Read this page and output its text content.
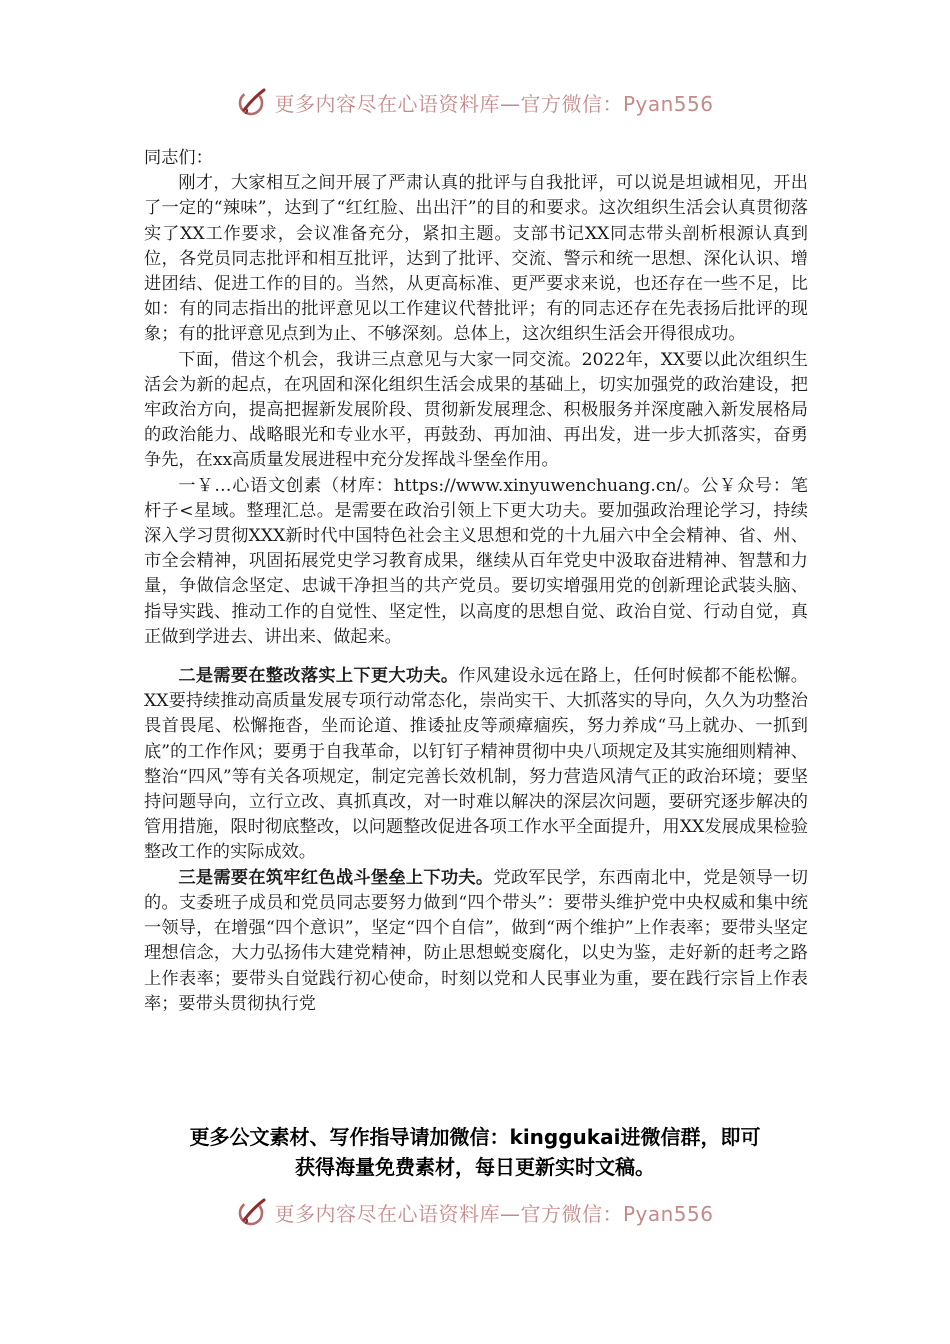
更多内容尽在心语资料库—官方微信：Pyan556

同志们：

刚才，大家相互之间开展了严肃认真的批评与自我批评，可以说是坦诚相见，开出了一定的“辣味”，达到了“红红脸、出出汗”的目的和要求。这次组织生活会认真贯彻落实了XX工作要求，会议准备充分，紧扣主题。支部书记XX同志带头剖析根源认真到位，各党员同志批评和相互批评，达到了批评、交流、警示和统一思想、深化认识、增进团结、促进工作的目的。当然，从更高标准、更严要求来说，也还存在一些不足，比如：有的同志指出的批评意见以工作建议代替批评；有的同志还存在先表扬后批评的现象；有的批评意见点到为止、不够深刻。总体上，这次组织生活会开得很成功。

下面，借这个机会，我讲三点意见与大家一同交流。2022年，XX要以此次组织生活会为新的起点，在巩固和深化组织生活会成果的基础上，切实加强党的政治建设，把牢政治方向，提高把握新发展阶段、贯彻新发展理念、积极服务并深度融入新发展格局的政治能力、战略眼光和专业水平，再鼓劲、再加油、再出发，进一步大抓落实，奋勇争先，在xx高质量发展进程中充分发挥战斗堡垒作用。

一￥…心语文创素（材库：https://www.xinyuwenchuang.cn/。公￥众号：笔杆子<星域。整理汇总。是需要在政治引领上下更大功夫。要加强政治理论学习，持续深入学习贯彻XXX新时代中国特色社会主义思想和党的十九届六中全会精神、省、州、市全会精神，巩固拓展党史学习教育成果，继续从百年党史中汲取奋进精神、智慧和力量，争做信念坚定、忠诚干净担当的共产党员。要切实增强用党的创新理论武装头脑、指导实践、推动工作的自觉性、坚定性，以高度的思想自觉、政治自觉、行动自觉，真正做到学进去、讲出来、做起来。

二是需要在整改落实上下更大功夫。作风建设永远在路上，任何时候都不能松懈。XX要持续推动高质量发展专项行动常态化，崇尚实干、大抓落实的导向，久久为功整治畏首畏尾、松懈拖沓，坐而论道、推诿扯皮等顽瘴痼疾，努力养成“马上就办、一抓到底”的工作作风；要勇于自我革命，以钉钉子精神贯彻中央八项规定及其实施细则精神、整治“四风”等有关各项规定，制定完善长效机制，努力营造风清气正的政治环境；要坚持问题导向，立行立改、真抓真改，对一时难以解决的深层次问题，要研究逐步解决的管用措施，限时彻底整改，以问题整改促进各项工作水平全面提升，用XX发展成果检验整改工作的实际成效。

三是需要在筑牢红色战斗堡垒上下功夫。党政军民学，东西南北中，党是领导一切的。支委班子成员和党员同志要努力做到“四个带头”：要带头维护党中央权威和集中统一领导，在增强“四个意识”，坚定“四个自信”，做到“两个维护”上作表率；要带头坚定理想信念，大力弘扬伟大建党精神，防止思想蜕变腐化，以史为鉴，走好新的赶考之路上作表率；要带头自觉践行初心使命，时刻以党和人民事业为重，要在践行宗旨上作表率；要带头贯彻执行党

更多公文素材、写作指导请加微信：kinggukai进微信群，即可
获得海量免费素材，每日更新实时文稿。
更多内容尽在心语资料库—官方微信：Pyan556
